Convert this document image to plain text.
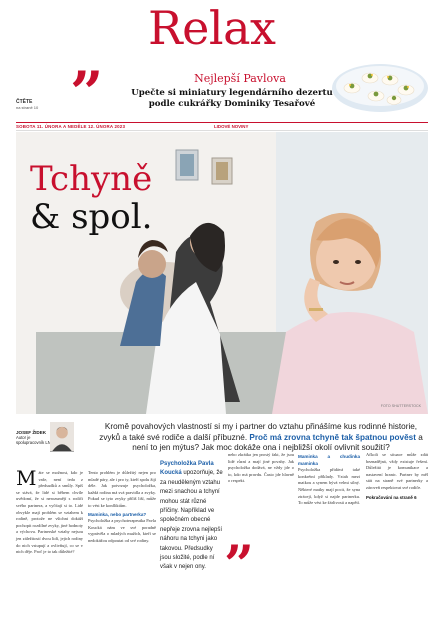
Relax
”	Nejlepší Pavlova
Upečte si miniatury legendárního dezertu podle cukrářky Dominiky Tesařové
ČTĚTE
na straně 10
SOBOTA 11. ÚNORA A NEDĚLE 12. ÚNORA 2023	LIDOVÉ NOVINY
Tchyně
& spol.
FOTO SHUTTERSTOCK
JOSEF ŽIDEK
Autor je
spolupracovník LN
Kromě povahových vlastností si my i partner do vztahu přinášíme kus rodinné historie, zvyků a také své rodiče a další příbuzné. Proč má zrovna tchyně tak špatnou pověst a není to jen mýtus? Jak moc dokáže ona i nejbližší okolí ovlivnit soužití?
M áte se možnost, kdo je vaše, není teda z předsudků a smůly. Spíš se stává, že lidé si během chvíle uvědomí, že si nerozumějí s rodiči svého partnera, a vyčítají si to. Lidé obvykle mají problém se vztahem k rodině, protože ne všichni dokáží pochopit rozdílné zvyky, jiné hodnoty a výchovu. Partnerské vztahy nejsou jen záležitostí dvou lidí, jejich rodiny do nich vstupují a ovlivňují, co se v nich děje. Proč je to tak důležité?
Tento problém je důležitý nejen pro mladé páry, ale i pro ty, kteří spolu žijí déle. Jak potvrzuje psycholožka, každá rodina má svá pravidla a zvyky. Pokud se tyto zvyky příliš liší, může to vést ke konfliktům.
Maminka, nebo partnerka?
Psycholožka a psychoterapeutka Pavla Koucká nám ve své poradně vyprávěla o mladých mužích, kteří se nedokážou odpoutat od své rodiny.
Psycholožka Pavla Koucká upozorňuje, že za neuděleným vztahu mezi snachou a tchyní mohou stát různé příčiny. Například ve společném obecné nepřeje zrovna nejlepší náhoru na tchyni jako takovou. Předsudky jsou složité, podle ní však v nejen ony. ”
nebo zkrátka jen prostý fakt, že jsou lidé různí a mají jiné povahy. Jak psycholožka dodává, ne vždy jde o to, kdo má pravdu. Často jde hlavně o respekt.
Maminka a chudinka maminka
Psycholožka přidává také konkrétní příklady. Vztah mezi matkou a synem bývá velmi silný. Některé matky mají pocit, že syna ztrácejí, když si najde partnerku. To může vést ke žárlivosti a napětí.
Ačkoli se situace může zdát beznadějná, vždy existuje řešení. Důležitá je komunikace a nastavení hranic. Partner by měl stát na straně své partnerky a zároveň respektovat své rodiče.
Pokračování na straně 6
